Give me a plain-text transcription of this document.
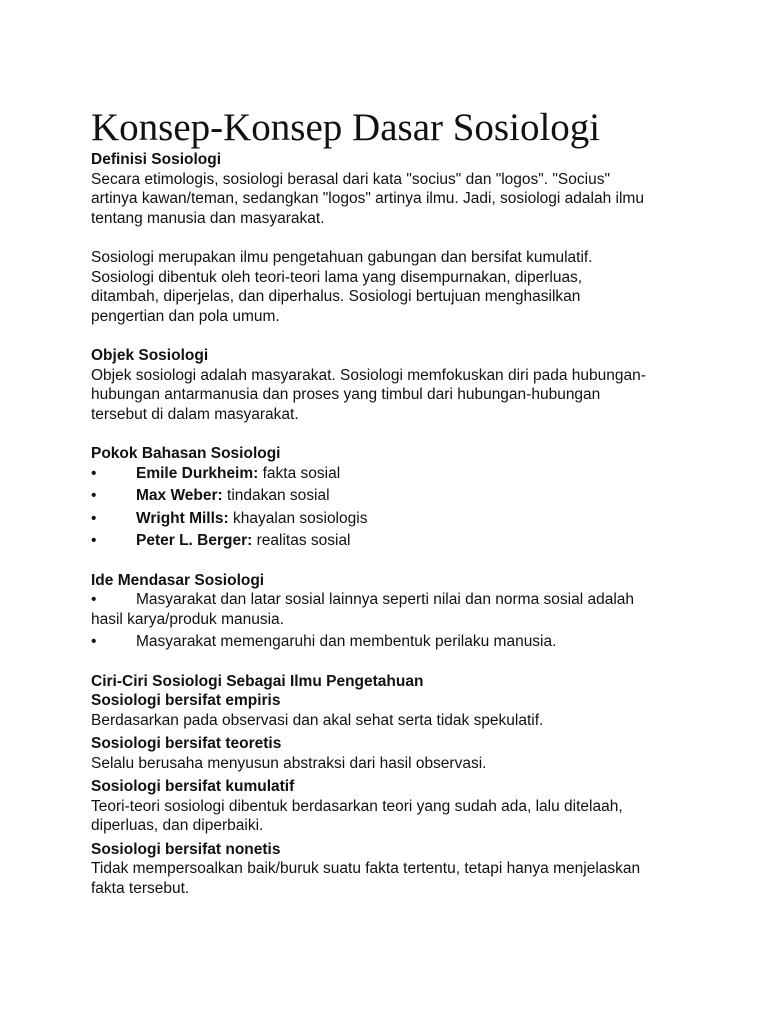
Konsep-Konsep Dasar Sosiologi

Definisi Sosiologi

Secara etimologis, sosiologi berasal dari kata "socius" dan "logos". "Socius"
artinya kawan/teman, sedangkan "logos" artinya ilmu. Jadi, sosiologi adalah ilmu
tentang manusia dan masyarakat.

Sosiologi merupakan ilmu pengetahuan gabungan dan bersifat kumulatif.
Sosiologi dibentuk oleh teori-teori lama yang disempurnakan, diperluas,
ditambah, diperjelas, dan diperhalus. Sosiologi bertujuan menghasilkan
pengertian dan pola umum.

Objek Sosiologi

Objek sosiologi adalah masyarakat. Sosiologi memfokuskan diri pada hubungan-
hubungan antarmanusia dan proses yang timbul dari hubungan-hubungan
tersebut di dalam masyarakat.

Pokok Bahasan Sosiologi

•	Emile Durkheim: fakta sosial
•	Max Weber: tindakan sosial
•	Wright Mills: khayalan sosiologis
•	Peter L. Berger: realitas sosial

Ide Mendasar Sosiologi

•	Masyarakat dan latar sosial lainnya seperti nilai dan norma sosial adalah
hasil karya/produk manusia.
•	Masyarakat memengaruhi dan membentuk perilaku manusia.

Ciri-Ciri Sosiologi Sebagai Ilmu Pengetahuan

Sosiologi bersifat empiris

Berdasarkan pada observasi dan akal sehat serta tidak spekulatif.

Sosiologi bersifat teoretis

Selalu berusaha menyusun abstraksi dari hasil observasi.

Sosiologi bersifat kumulatif

Teori-teori sosiologi dibentuk berdasarkan teori yang sudah ada, lalu ditelaah,
diperluas, dan diperbaiki.

Sosiologi bersifat nonetis

Tidak mempersoalkan baik/buruk suatu fakta tertentu, tetapi hanya menjelaskan
fakta tersebut.
